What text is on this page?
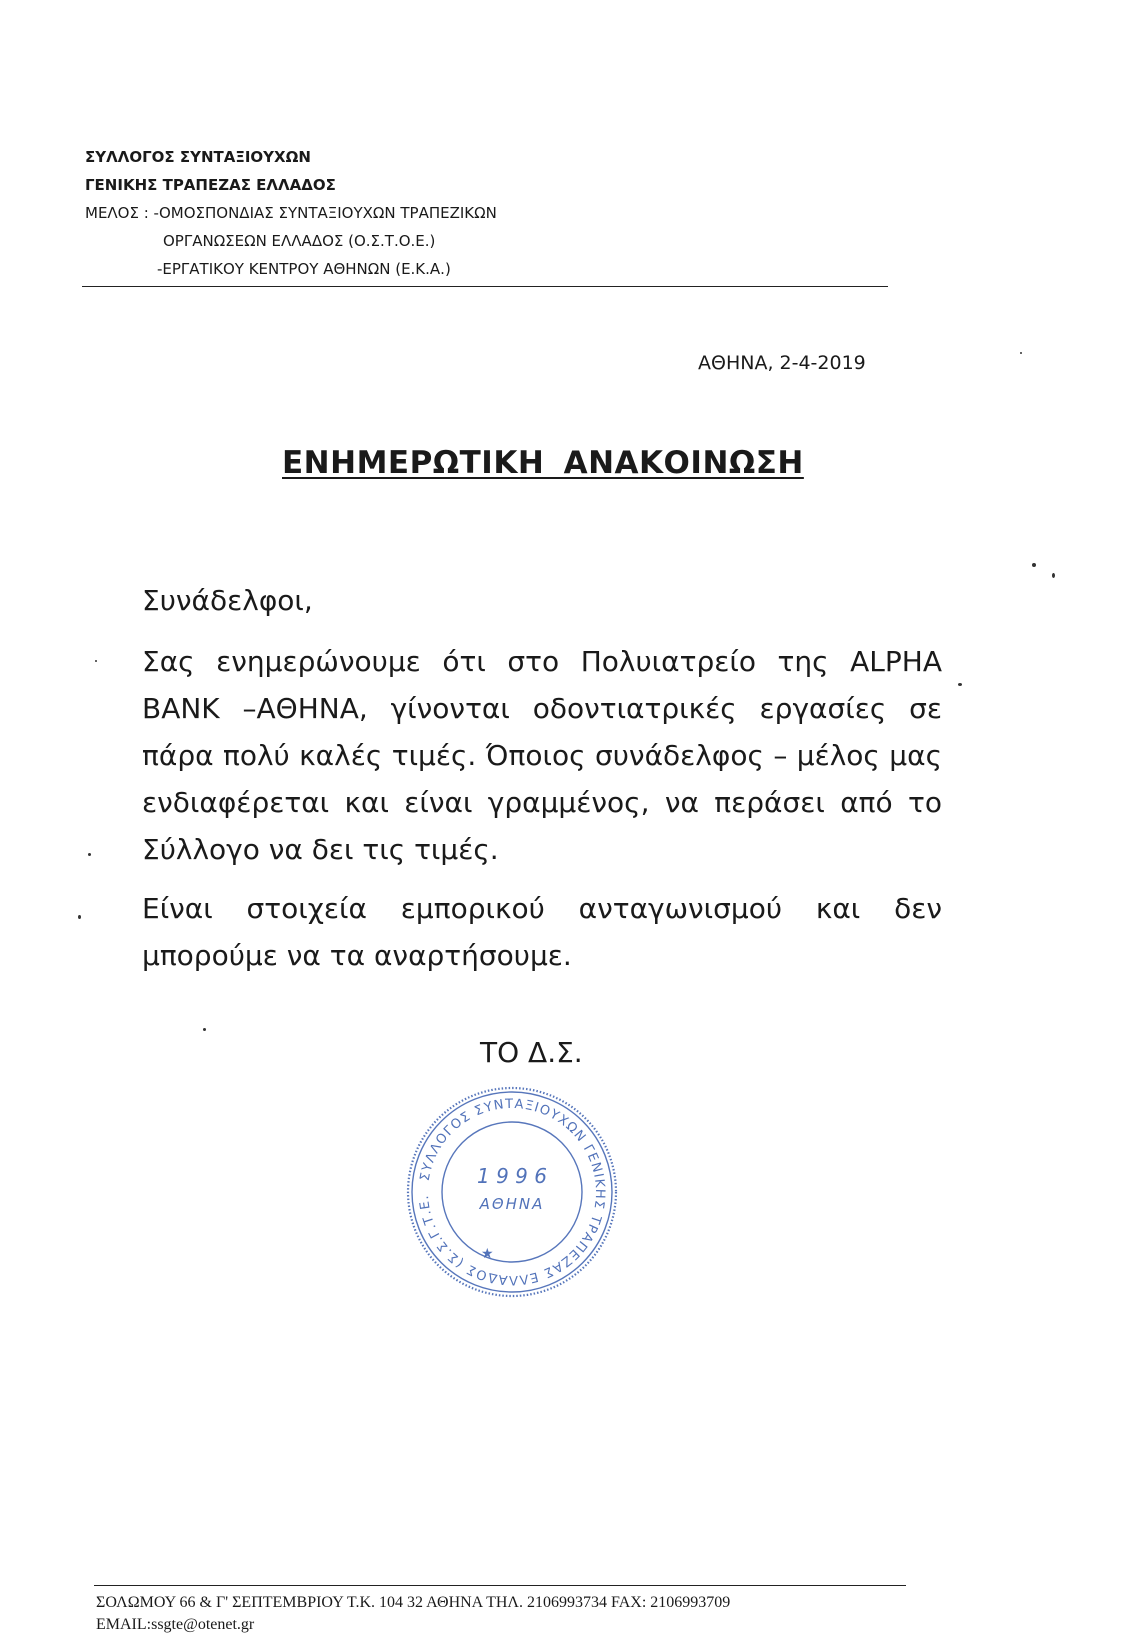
ΣΥΛΛΟΓΟΣ ΣΥΝΤΑΞΙΟΥΧΩΝ
ΓΕΝΙΚΗΣ ΤΡΑΠΕΖΑΣ ΕΛΛΑΔΟΣ
ΜΕΛΟΣ : -ΟΜΟΣΠΟΝΔΙΑΣ ΣΥΝΤΑΞΙΟΥΧΩΝ ΤΡΑΠΕΖΙΚΩΝ
ΟΡΓΑΝΩΣΕΩΝ ΕΛΛΑΔΟΣ (Ο.Σ.Τ.Ο.Ε.)
-ΕΡΓΑΤΙΚΟΥ ΚΕΝΤΡΟΥ ΑΘΗΝΩΝ (Ε.Κ.Α.)
ΑΘΗΝΑ, 2-4-2019
ΕΝΗΜΕΡΩΤΙΚΗ ΑΝΑΚΟΙΝΩΣΗ

Συνάδελφοι,

Σας ενημερώνουμε ότι στο Πολυιατρείο της ALPHA BANK –ΑΘΗΝΑ, γίνονται οδοντιατρικές εργασίες σε πάρα πολύ καλές τιμές. Όποιος συνάδελφος – μέλος μας ενδιαφέρεται και είναι γραμμένος, να περάσει από το Σύλλογο να δει τις τιμές.

Είναι στοιχεία εμπορικού ανταγωνισμού και δεν μπορούμε να τα αναρτήσουμε.

ΤΟ Δ.Σ.
ΣΥΛΛΟΓΟΣ ΣΥΝΤΑΞΙΟΥΧΩΝ ΓΕΝΙΚΗΣ ΤΡΑΠΕΖΑΣ ΕΛΛΑΔΟΣ (Σ.Σ.Γ.Τ.Ε.
1 9 9 6
ΑΘΗΝΑ
★
ΣΟΛΩΜΟΥ 66 & Γ' ΣΕΠΤΕΜΒΡΙΟΥ Τ.Κ. 104 32 ΑΘΗΝΑ ΤΗΛ. 2106993734 FAX: 2106993709
EMAIL:ssgte@otenet.gr
